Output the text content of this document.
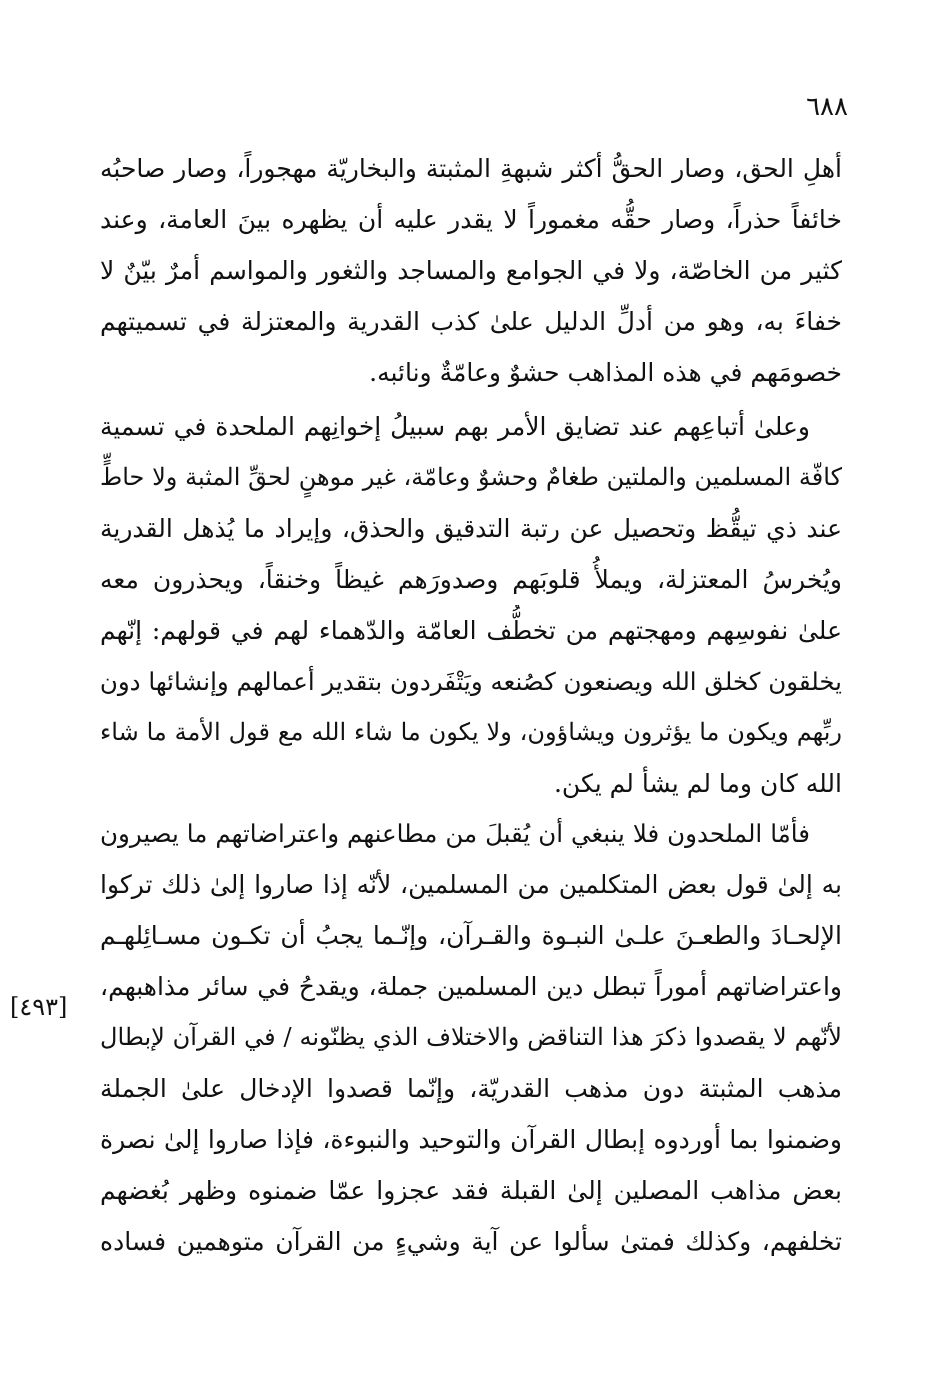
٦٨٨
أهلِ الحق، وصار الحقُّ أكثر شبهةِ المثبتة والبخاريّة مهجوراً، وصار صاحبُه
خائفاً حذراً، وصار حقُّه مغموراً لا يقدر عليه أن يظهره بينَ العامة، وعند
كثير من الخاصّة، ولا في الجوامع والمساجد والثغور والمواسم أمرٌ بيّنٌ لا
خفاءَ به، وهو من أدلِّ الدليل علىٰ كذب القدرية والمعتزلة في تسميتهم
خصومَهم في هذه المذاهب حشوٌ وعامّةٌ ونائبه.
وعلىٰ أتباعِهم عند تضايق الأمر بهم سبيلُ إخوانِهم الملحدة في تسمية
كافّة المسلمين والملتين طغامٌ وحشوٌ وعامّة، غير موهنٍ لحقِّ المثبة ولا حاطٍّ
عند ذي تيقُّظ وتحصيل عن رتبة التدقيق والحذق، وإيراد ما يُذهل القدرية
ويُخرسُ المعتزلة، ويملأُ قلوبَهم وصدورَهم غيظاً وخنقاً، ويحذرون معه
علىٰ نفوسِهم ومهجتهم من تخطُّف العامّة والدّهماء لهم في قولهم: إنّهم
يخلقون كخلق الله ويصنعون كصُنعه ويَتْفَردون بتقدير أعمالهم وإنشائها دون
ربِّهم ويكون ما يؤثرون ويشاؤون، ولا يكون ما شاء الله مع قول الأمة ما شاء
الله كان وما لم يشأ لم يكن.
فأمّا الملحدون فلا ينبغي أن يُقبلَ من مطاعنهم واعتراضاتهم ما يصيرون
به إلىٰ قول بعض المتكلمين من المسلمين، لأنّه إذا صاروا إلىٰ ذلك تركوا
الإلحـادَ والطعـنَ علـىٰ النبـوة والقـرآن، وإنّـما يجبُ أن تكـون مسـائِلهـم
واعتراضاتهم أموراً تبطل دين المسلمين جملة، ويقدحُ في سائر مذاهبهم،
لأنّهم لا يقصدوا ذكرَ هذا التناقض والاختلاف الذي يظنّونه / في القرآن لإبطال
مذهب المثبتة دون مذهب القدريّة، وإنّما قصدوا الإدخال علىٰ الجملة
وضمنوا بما أوردوه إبطال القرآن والتوحيد والنبوءة، فإذا صاروا إلىٰ نصرة
بعض مذاهب المصلين إلىٰ القبلة فقد عجزوا عمّا ضمنوه وظهر بُغضهم
تخلفهم، وكذلك فمتىٰ سألوا عن آية وشيءٍ من القرآن متوهمين فساده
[٤٩٣]
